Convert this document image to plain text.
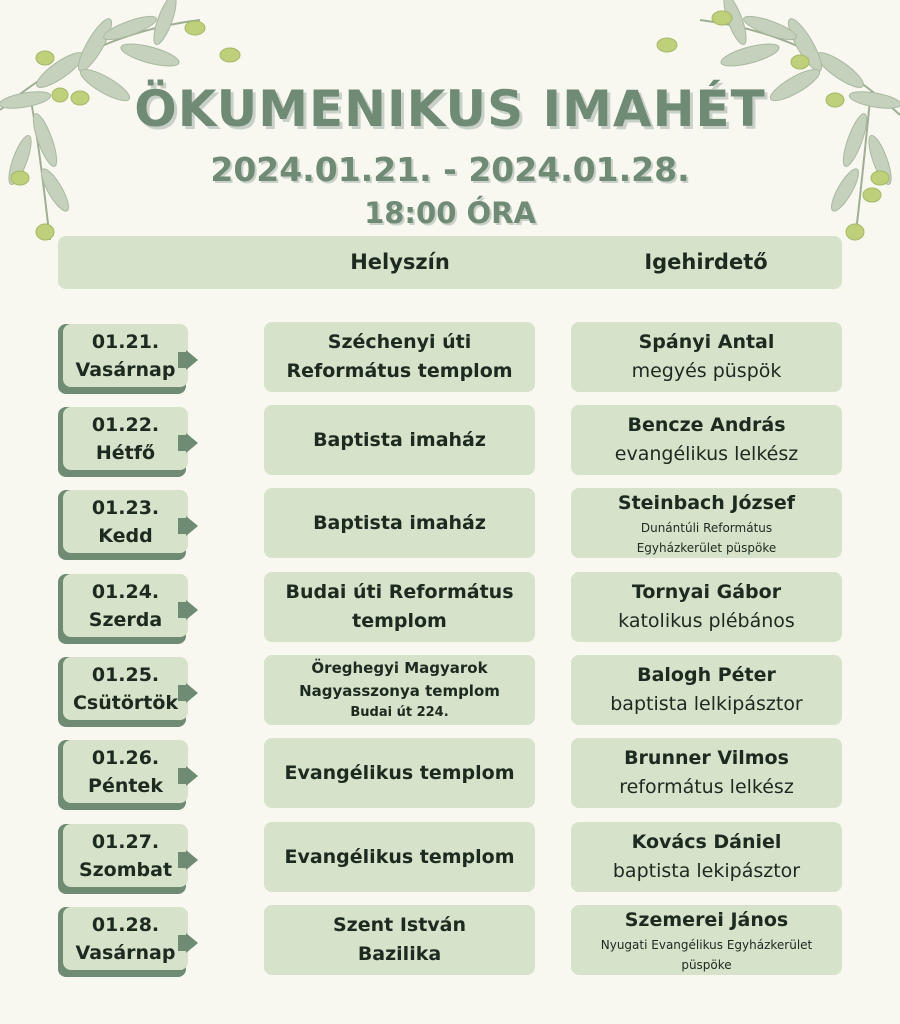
ÖKUMENIKUS IMAHÉT
2024.01.21. - 2024.01.28.
18:00 ÓRA
Helyszín	Igehirdető
01.21.
Vasárnap
Széchenyi úti
Református templom
Spányi Antal
megyés püspök
01.22.
Hétfő
Baptista imaház
Bencze András
evangélikus lelkész
01.23.
Kedd
Baptista imaház
Steinbach József
Dunántúli Református
Egyházkerület püspöke
01.24.
Szerda
Budai úti Református
templom
Tornyai Gábor
katolikus plébános
01.25.
Csütörtök
Öreghegyi Magyarok
Nagyasszonya templom
Budai út 224.
Balogh Péter
baptista lelkipásztor
01.26.
Péntek
Evangélikus templom
Brunner Vilmos
református lelkész
01.27.
Szombat
Evangélikus templom
Kovács Dániel
baptista lekipásztor
01.28.
Vasárnap
Szent István
Bazilika
Szemerei János
Nyugati Evangélikus Egyházkerület
püspöke
